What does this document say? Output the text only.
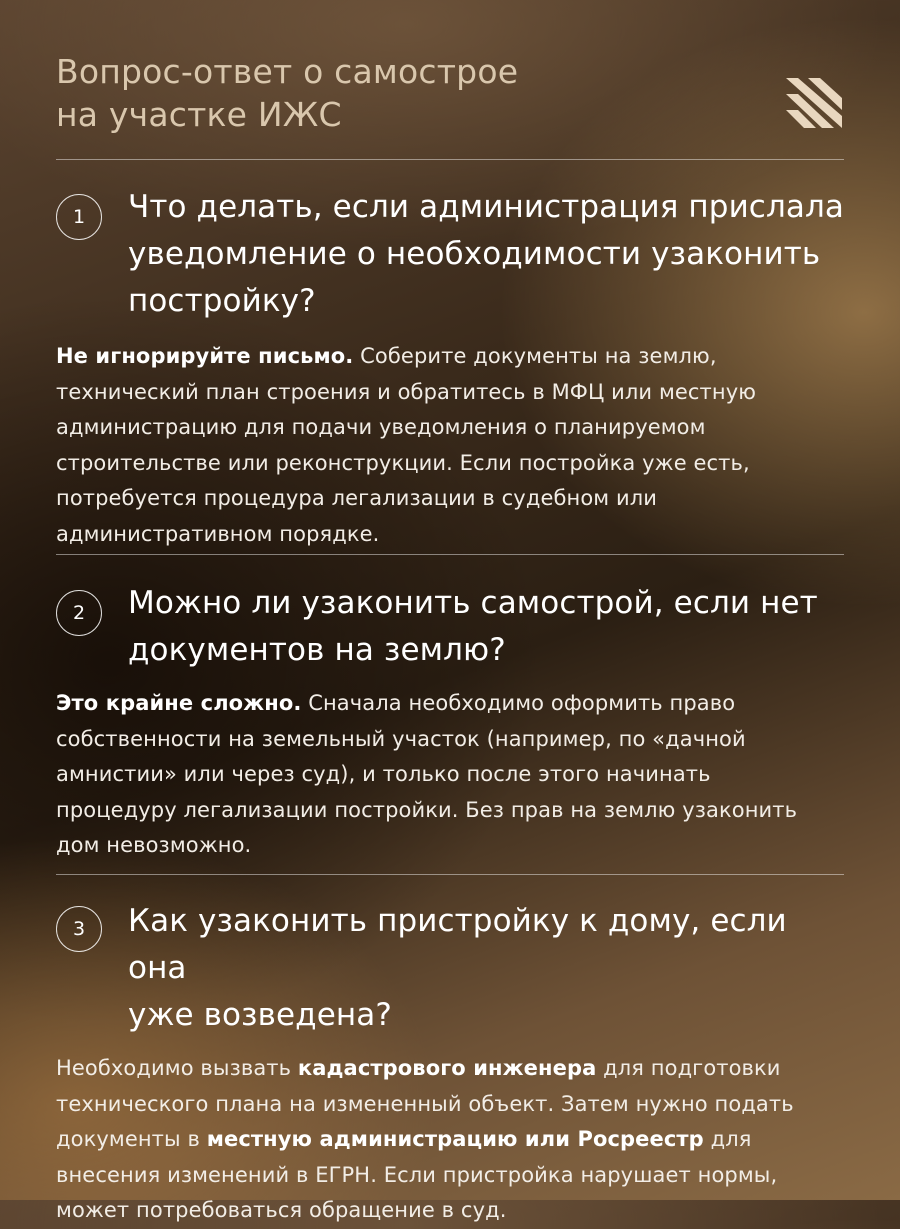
Вопрос-ответ о самострое
на участке ИЖС
1	Что делать, если администрация прислала
уведомление о необходимости узаконить
постройку?

Не игнорируйте письмо. Соберите документы на землю,
технический план строения и обратитесь в МФЦ или местную
администрацию для подачи уведомления о планируемом
строительстве или реконструкции. Если постройка уже есть,
потребуется процедура легализации в судебном или
административном порядке.

2	Можно ли узаконить самострой, если нет
документов на землю?

Это крайне сложно. Сначала необходимо оформить право
собственности на земельный участок (например, по «дачной
амнистии» или через суд), и только после этого начинать
процедуру легализации постройки. Без прав на землю узаконить
дом невозможно.

3	Как узаконить пристройку к дому, если она
уже возведена?

Необходимо вызвать кадастрового инженера для подготовки
технического плана на измененный объект. Затем нужно подать
документы в местную администрацию или Росреестр для
внесения изменений в ЕГРН. Если пристройка нарушает нормы,
может потребоваться обращение в суд.
